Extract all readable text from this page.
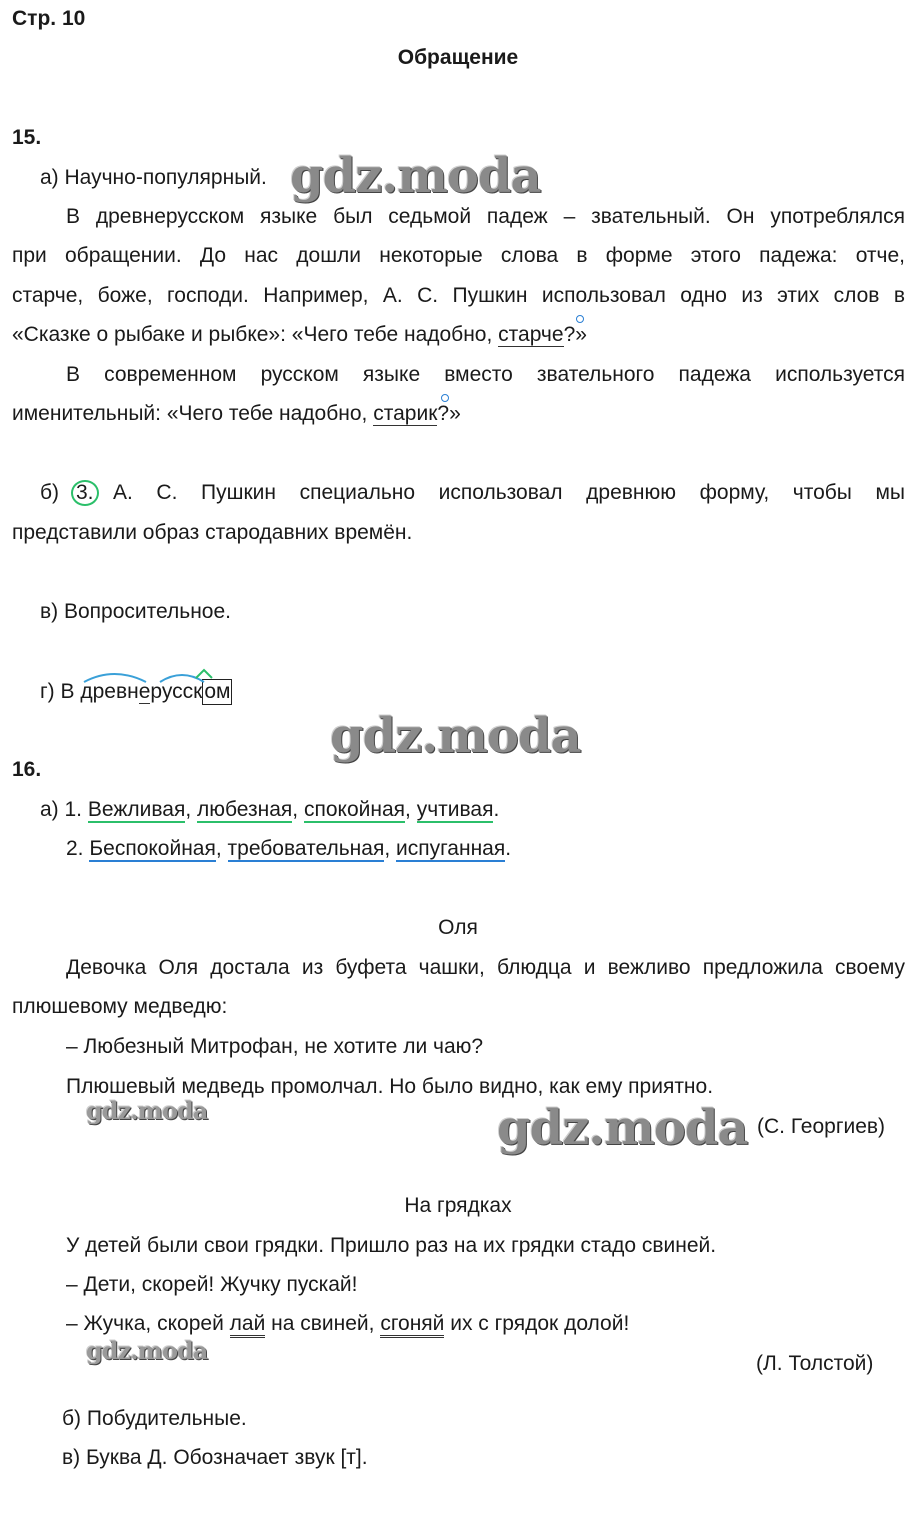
Стр. 10
Обращение
15.
а) Научно-популярный. gdz.moda
В древнерусском языке был седьмой падеж – звательный. Он употреблялся
при обращении. До нас дошли некоторые слова в форме этого падежа: отче,
старче, боже, господи. Например, А. С. Пушкин использовал одно из этих слов в
«Сказке о рыбаке и рыбке»: «Чего тебе надобно, старче?»
В современном русском языке вместо звательного падежа используется
именительный: «Чего тебе надобно, старик?»
б) 3. А. С. Пушкин специально использовал древнюю форму, чтобы мы
представили образ стародавних времён.
в) Вопросительное.
г) В древнерусском
gdz.moda
16.
а) 1. Вежливая, любезная, спокойная, учтивая.
2. Беспокойная, требовательная, испуганная.
Оля
Девочка Оля достала из буфета чашки, блюдца и вежливо предложила своему
плюшевому медведю:
– Любезный Митрофан, не хотите ли чаю?
Плюшевый медведь промолчал. Но было видно, как ему приятно.
gdz.moda	gdz.moda (С. Георгиев)
На грядках
У детей были свои грядки. Пришло раз на их грядки стадо свиней.
– Дети, скорей! Жучку пускай!
– Жучка, скорей лай на свиней, сгоняй их с грядок долой!
gdz.moda	(Л. Толстой)
б) Побудительные.
в) Буква Д. Обозначает звук [т].
